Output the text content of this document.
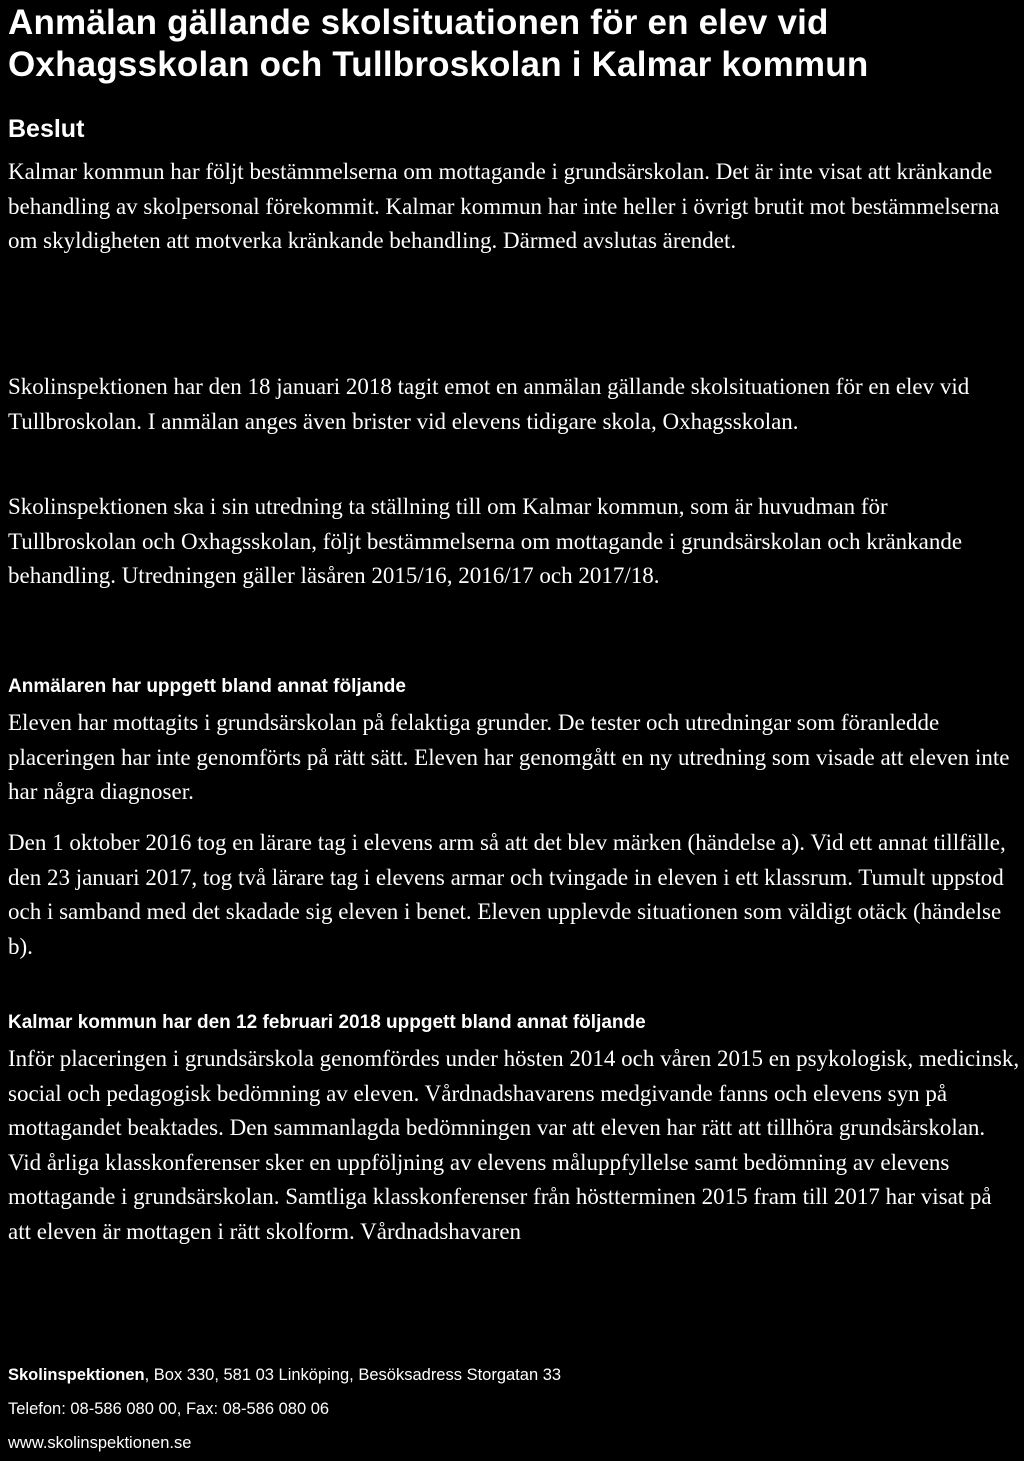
Anmälan gällande skolsituationen för en elev vid Oxhagsskolan och Tullbroskolan i Kalmar kommun
Beslut

Kalmar kommun har följt bestämmelserna om mottagande i grundsärskolan. Det är inte visat att kränkande behandling av skolpersonal förekommit. Kalmar kommun har inte heller i övrigt brutit mot bestämmelserna om skyldigheten att motverka kränkande behandling. Därmed avslutas ärendet.

Skolinspektionen har den 18 januari 2018 tagit emot en anmälan gällande skolsituationen för en elev vid Tullbroskolan. I anmälan anges även brister vid elevens tidigare skola, Oxhagsskolan.

Skolinspektionen ska i sin utredning ta ställning till om Kalmar kommun, som är huvudman för Tullbroskolan och Oxhagsskolan, följt bestämmelserna om mottagande i grundsärskolan och kränkande behandling. Utredningen gäller läsåren 2015/16, 2016/17 och 2017/18.

Anmälaren har uppgett bland annat följande

Eleven har mottagits i grundsärskolan på felaktiga grunder. De tester och utredningar som föranledde placeringen har inte genomförts på rätt sätt. Eleven har genomgått en ny utredning som visade att eleven inte har några diagnoser.

Den 1 oktober 2016 tog en lärare tag i elevens arm så att det blev märken (händelse a). Vid ett annat tillfälle, den 23 januari 2017, tog två lärare tag i elevens armar och tvingade in eleven i ett klassrum. Tumult uppstod och i samband med det skadade sig eleven i benet. Eleven upplevde situationen som väldigt otäck (händelse b).

Kalmar kommun har den 12 februari 2018 uppgett bland annat följande

Inför placeringen i grundsärskola genomfördes under hösten 2014 och våren 2015 en psykologisk, medicinsk, social och pedagogisk bedömning av eleven. Vårdnadshavarens medgivande fanns och elevens syn på mottagandet beaktades. Den sammanlagda bedömningen var att eleven har rätt att tillhöra grundsärskolan. Vid årliga klasskonferenser sker en uppföljning av elevens måluppfyllelse samt bedömning av elevens mottagande i grundsärskolan. Samtliga klasskonferenser från höstterminen 2015 fram till 2017 har visat på att eleven är mottagen i rätt skolform. Vårdnadshavaren

Skolinspektionen, Box 330, 581 03 Linköping, Besöksadress Storgatan 33

Telefon: 08-586 080 00, Fax: 08-586 080 06

www.skolinspektionen.se
